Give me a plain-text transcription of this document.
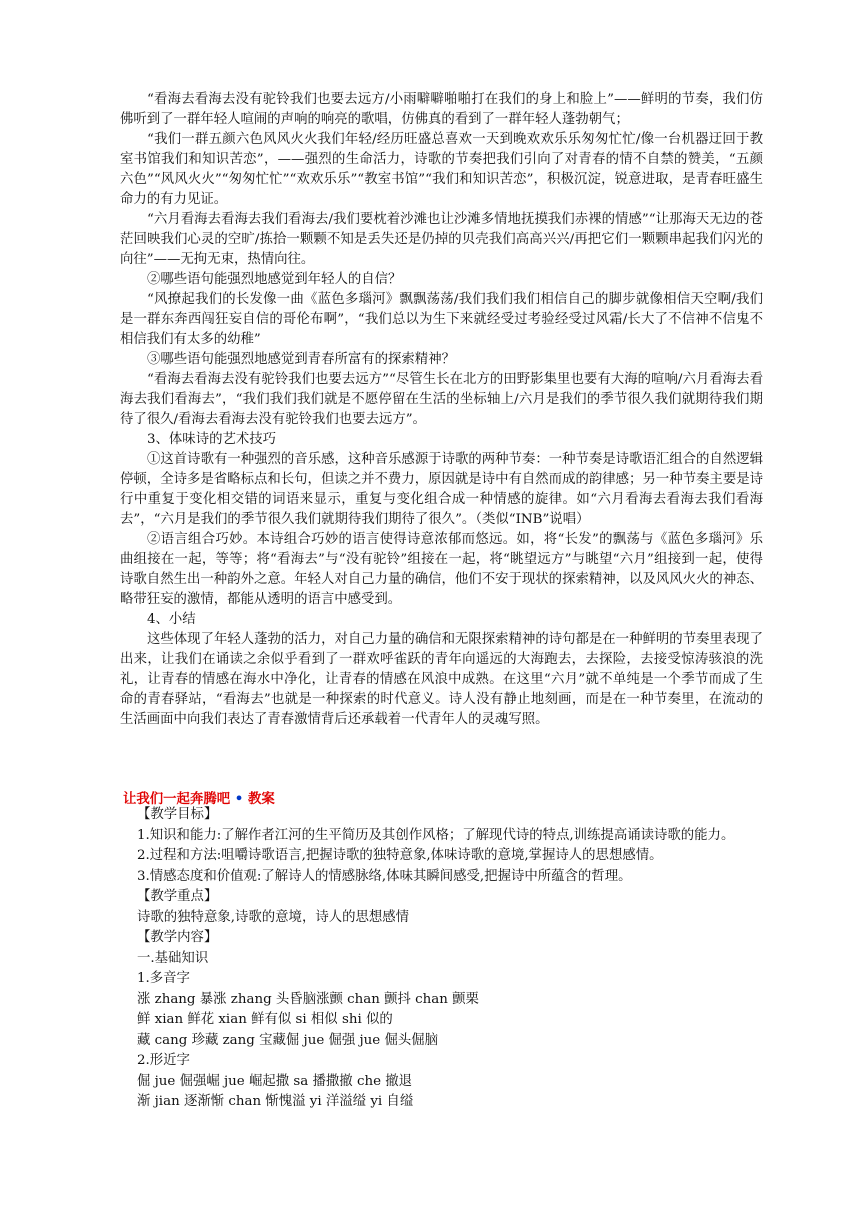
“看海去看海去没有驼铃我们也要去远方/小雨噼噼啪啪打在我们的身上和脸上”——鲜明的节奏，我们仿佛听到了一群年轻人喧闹的声响的响亮的歌唱，仿佛真的看到了一群年轻人蓬勃朝气；

“我们一群五颜六色风风火火我们年轻/经历旺盛总喜欢一天到晚欢欢乐乐匆匆忙忙/像一台机器迂回于教室书馆我们和知识苦恋”，——强烈的生命活力，诗歌的节奏把我们引向了对青春的情不自禁的赞美，“五颜六色”“风风火火”“匆匆忙忙”“欢欢乐乐”“教室书馆”“我们和知识苦恋”，积极沉淀，锐意进取，是青春旺盛生命力的有力见证。

“六月看海去看海去我们看海去/我们要枕着沙滩也让沙滩多情地抚摸我们赤裸的情感”“让那海天无边的苍茫回映我们心灵的空旷/拣拾一颗颗不知是丢失还是仍掉的贝壳我们高高兴兴/再把它们一颗颗串起我们闪光的向往”——无拘无束，热情向往。

②哪些语句能强烈地感觉到年轻人的自信？

“风撩起我们的长发像一曲《蓝色多瑙河》飘飘荡荡/我们我们我们相信自己的脚步就像相信天空啊/我们是一群东奔西闯狂妄自信的哥伦布啊”，“我们总以为生下来就经受过考验经受过风霜/长大了不信神不信鬼不相信我们有太多的幼稚”

③哪些语句能强烈地感觉到青春所富有的探索精神？

“看海去看海去没有驼铃我们也要去远方”“尽管生长在北方的田野影集里也要有大海的喧响/六月看海去看海去我们看海去”，“我们我们我们就是不愿停留在生活的坐标轴上/六月是我们的季节很久我们就期待我们期待了很久/看海去看海去没有驼铃我们也要去远方”。

3、体味诗的艺术技巧

①这首诗歌有一种强烈的音乐感，这种音乐感源于诗歌的两种节奏：一种节奏是诗歌语汇组合的自然逻辑停顿，全诗多是省略标点和长句，但读之并不费力，原因就是诗中有自然而成的韵律感；另一种节奏主要是诗行中重复于变化相交错的词语来显示，重复与变化组合成一种情感的旋律。如“六月看海去看海去我们看海去”，“六月是我们的季节很久我们就期待我们期待了很久”。（类似“INB”说唱）

②语言组合巧妙。本诗组合巧妙的语言使得诗意浓郁而悠远。如，将“长发”的飘荡与《蓝色多瑙河》乐曲组接在一起，等等；将“看海去”与“没有驼铃”组接在一起，将“眺望远方”与眺望“六月”组接到一起，使得诗歌自然生出一种韵外之意。年轻人对自己力量的确信，他们不安于现状的探索精神，以及风风火火的神态、略带狂妄的激情，都能从透明的语言中感受到。

4、小结

这些体现了年轻人蓬勃的活力，对自己力量的确信和无限探索精神的诗句都是在一种鲜明的节奏里表现了出来，让我们在诵读之余似乎看到了一群欢呼雀跃的青年向遥远的大海跑去，去探险，去接受惊涛骇浪的洗礼，让青春的情感在海水中净化，让青春的情感在风浪中成熟。在这里“六月”就不单纯是一个季节而成了生命的青春驿站，“看海去”也就是一种探索的时代意义。诗人没有静止地刻画，而是在一种节奏里，在流动的生活画面中向我们表达了青春激情背后还承载着一代青年人的灵魂写照。

让我们一起奔腾吧 • 教案

【教学目标】

1.知识和能力:了解作者江河的生平简历及其创作风格；了解现代诗的特点,训练提高诵读诗歌的能力。

2.过程和方法:咀嚼诗歌语言,把握诗歌的独特意象,体味诗歌的意境,掌握诗人的思想感情。

3.情感态度和价值观:了解诗人的情感脉络,体味其瞬间感受,把握诗中所蕴含的哲理。

【教学重点】

诗歌的独特意象,诗歌的意境，诗人的思想感情

【教学内容】

一.基础知识

1.多音字

涨 zhang 暴涨 zhang 头昏脑涨颤 chan 颤抖 chan 颤栗

鲜 xian 鲜花 xian 鲜有似 si 相似 shi 似的

藏 cang 珍藏 zang 宝藏倔 jue 倔强 jue 倔头倔脑

2.形近字

倔 jue 倔强崛 jue 崛起撒 sa 播撒撤 che 撤退

渐 jian 逐渐惭 chan 惭愧溢 yi 洋溢缢 yi 自缢
